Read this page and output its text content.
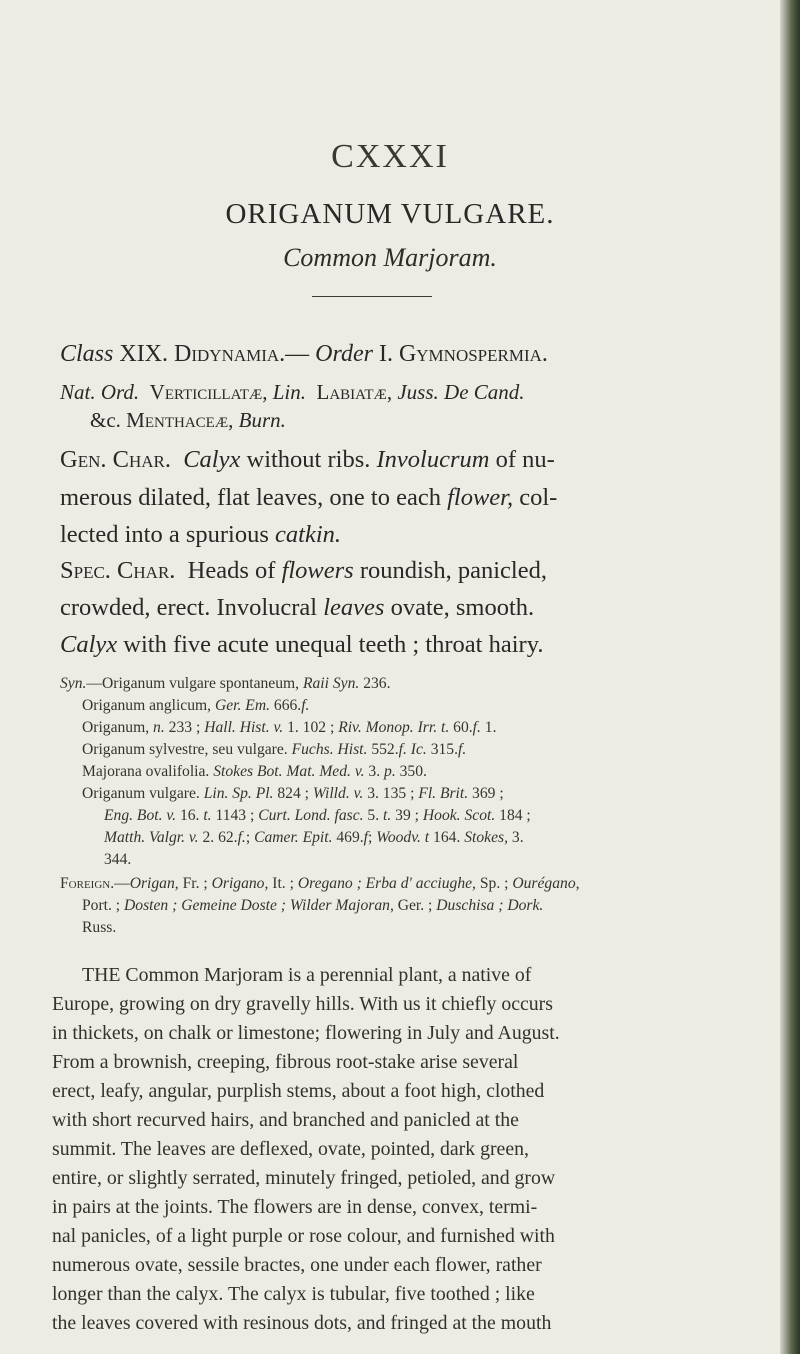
CXXXI
ORIGANUM VULGARE.
Common Marjoram.
Class XIX. Didynamia.— Order I. Gymnospermia.
Nat. Ord. Verticillatæ, Lin. Labiatæ, Juss. De Cand.
&c. Menthaceæ, Burn.
Gen. Char. Calyx without ribs. Involucrum of nu-
merous dilated, flat leaves, one to each flower, col-
lected into a spurious catkin.
Spec. Char. Heads of flowers roundish, panicled,
crowded, erect. Involucral leaves ovate, smooth.
Calyx with five acute unequal teeth ; throat hairy.
Syn.—Origanum vulgare spontaneum, Raii Syn. 236.
Origanum anglicum, Ger. Em. 666.f.
Origanum, n. 233 ; Hall. Hist. v. 1. 102 ; Riv. Monop. Irr. t. 60.f. 1.
Origanum sylvestre, seu vulgare. Fuchs. Hist. 552.f. Ic. 315.f.
Majorana ovalifolia. Stokes Bot. Mat. Med. v. 3. p. 350.
Origanum vulgare. Lin. Sp. Pl. 824 ; Willd. v. 3. 135 ; Fl. Brit. 369 ;
Eng. Bot. v. 16. t. 1143 ; Curt. Lond. fasc. 5. t. 39 ; Hook. Scot. 184 ;
Matth. Valgr. v. 2. 62.f.; Camer. Epit. 469.f; Woodv. t 164. Stokes, 3.
344.
Foreign.—Origan, Fr. ; Origano, It. ; Oregano ; Erba d' acciughe, Sp. ; Ourégano,
Port. ; Dosten ; Gemeine Doste ; Wilder Majoran, Ger. ; Duschisa ; Dork.
Russ.
THE Common Marjoram is a perennial plant, a native of
Europe, growing on dry gravelly hills. With us it chiefly occurs
in thickets, on chalk or limestone; flowering in July and August.
From a brownish, creeping, fibrous root-stake arise several
erect, leafy, angular, purplish stems, about a foot high, clothed
with short recurved hairs, and branched and panicled at the
summit. The leaves are deflexed, ovate, pointed, dark green,
entire, or slightly serrated, minutely fringed, petioled, and grow
in pairs at the joints. The flowers are in dense, convex, termi-
nal panicles, of a light purple or rose colour, and furnished with
numerous ovate, sessile bractes, one under each flower, rather
longer than the calyx. The calyx is tubular, five toothed ; like
the leaves covered with resinous dots, and fringed at the mouth
